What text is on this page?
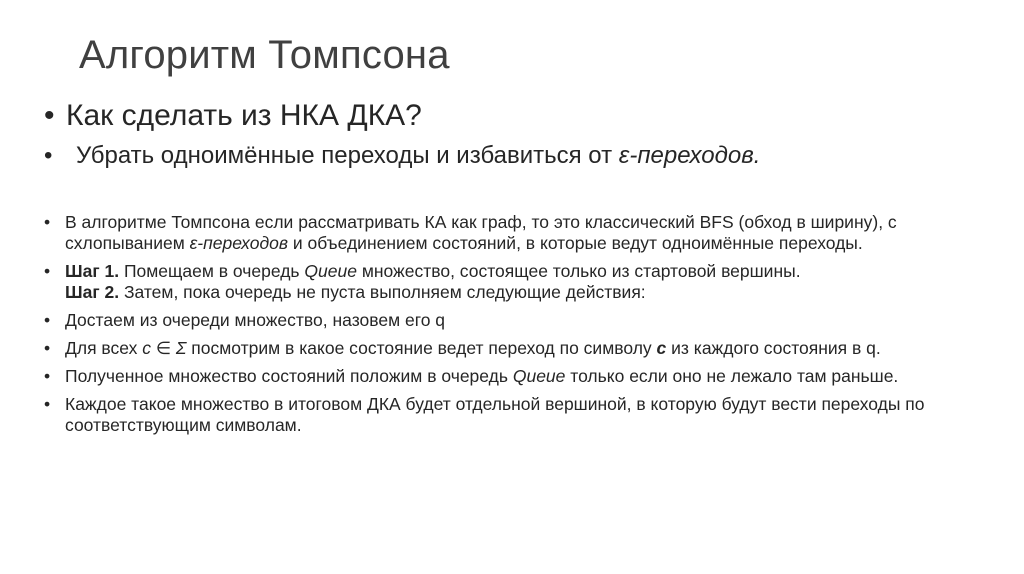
Алгоритм Томпсона
• Как сделать из НКА ДКА?
• Убрать одноимённые переходы и избавиться от ε-переходов.
• В алгоритме Томпсона если рассматривать КА как граф, то это классический BFS (обход в ширину), с схлопыванием ε-переходов и объединением состояний, в которые ведут одноимённые переходы.
• Шаг 1. Помещаем в очередь Queue множество, состоящее только из стартовой вершины.
Шаг 2. Затем, пока очередь не пуста выполняем следующие действия:
• Достаем из очереди множество, назовем его q
• Для всех c ∈ Σ посмотрим в какое состояние ведет переход по символу c из каждого состояния в q.
• Полученное множество состояний положим в очередь Queue только если оно не лежало там раньше.
• Каждое такое множество в итоговом ДКА будет отдельной вершиной, в которую будут вести переходы по соответствующим символам.
